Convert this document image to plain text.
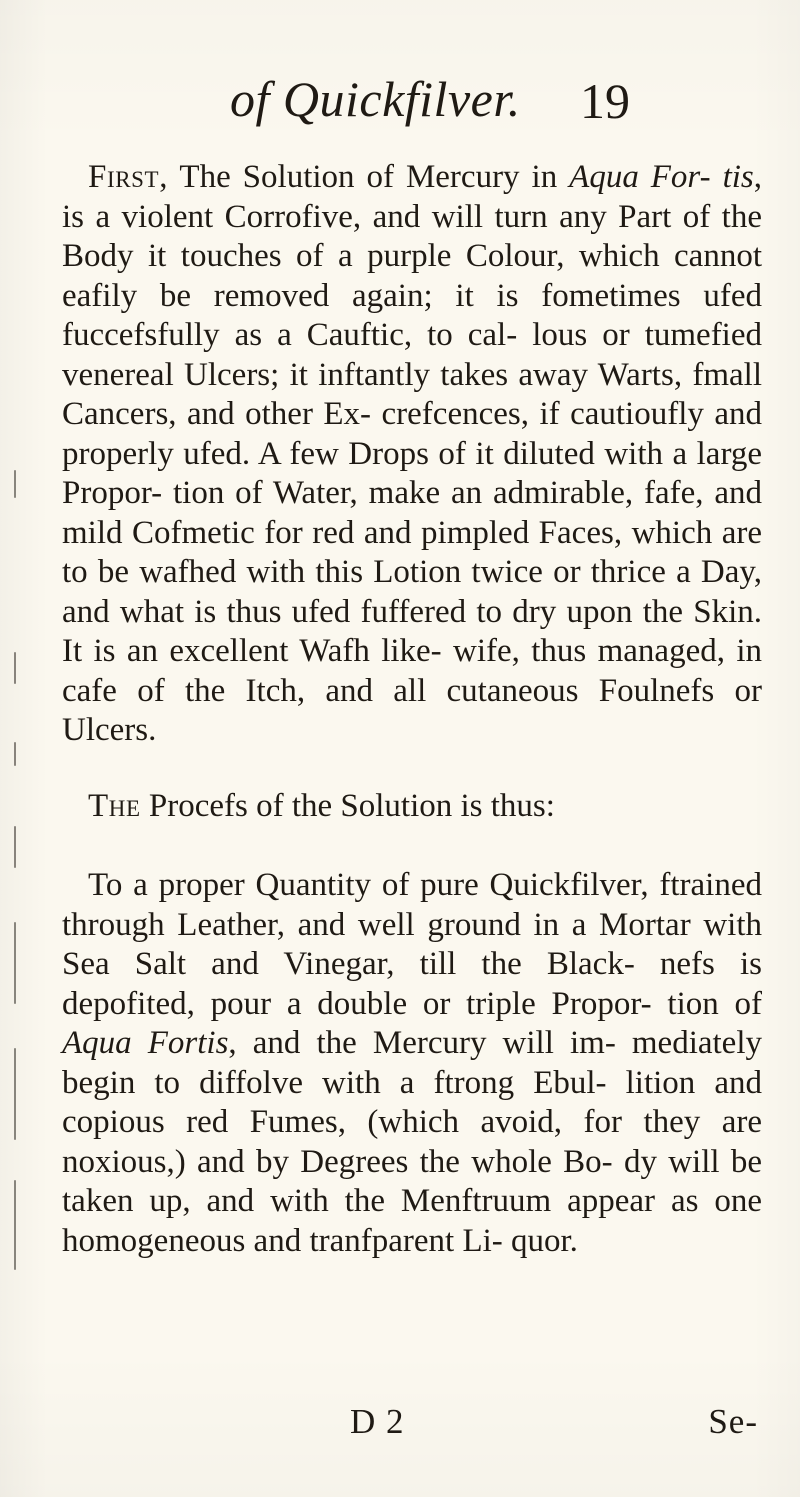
of Quickfilver. 19

First, The Solution of Mercury in Aqua For- tis, is a violent Corrofive, and will turn any Part of the Body it touches of a purple Colour, which cannot eafily be removed again; it is fometimes ufed fuccefsfully as a Cauftic, to cal- lous or tumefied venereal Ulcers; it inftantly takes away Warts, fmall Cancers, and other Ex- crefcences, if cautioufly and properly ufed. A few Drops of it diluted with a large Propor- tion of Water, make an admirable, fafe, and mild Cofmetic for red and pimpled Faces, which are to be wafhed with this Lotion twice or thrice a Day, and what is thus ufed fuffered to dry upon the Skin. It is an excellent Wafh like- wife, thus managed, in cafe of the Itch, and all cutaneous Foulnefs or Ulcers.

The Procefs of the Solution is thus:

To a proper Quantity of pure Quickfilver, ftrained through Leather, and well ground in a Mortar with Sea Salt and Vinegar, till the Black- nefs is depofited, pour a double or triple Propor- tion of Aqua Fortis, and the Mercury will im- mediately begin to diffolve with a ftrong Ebul- lition and copious red Fumes, (which avoid, for they are noxious,) and by Degrees the whole Bo- dy will be taken up, and with the Menftruum appear as one homogeneous and tranfparent Li- quor.

D 2	Se-
